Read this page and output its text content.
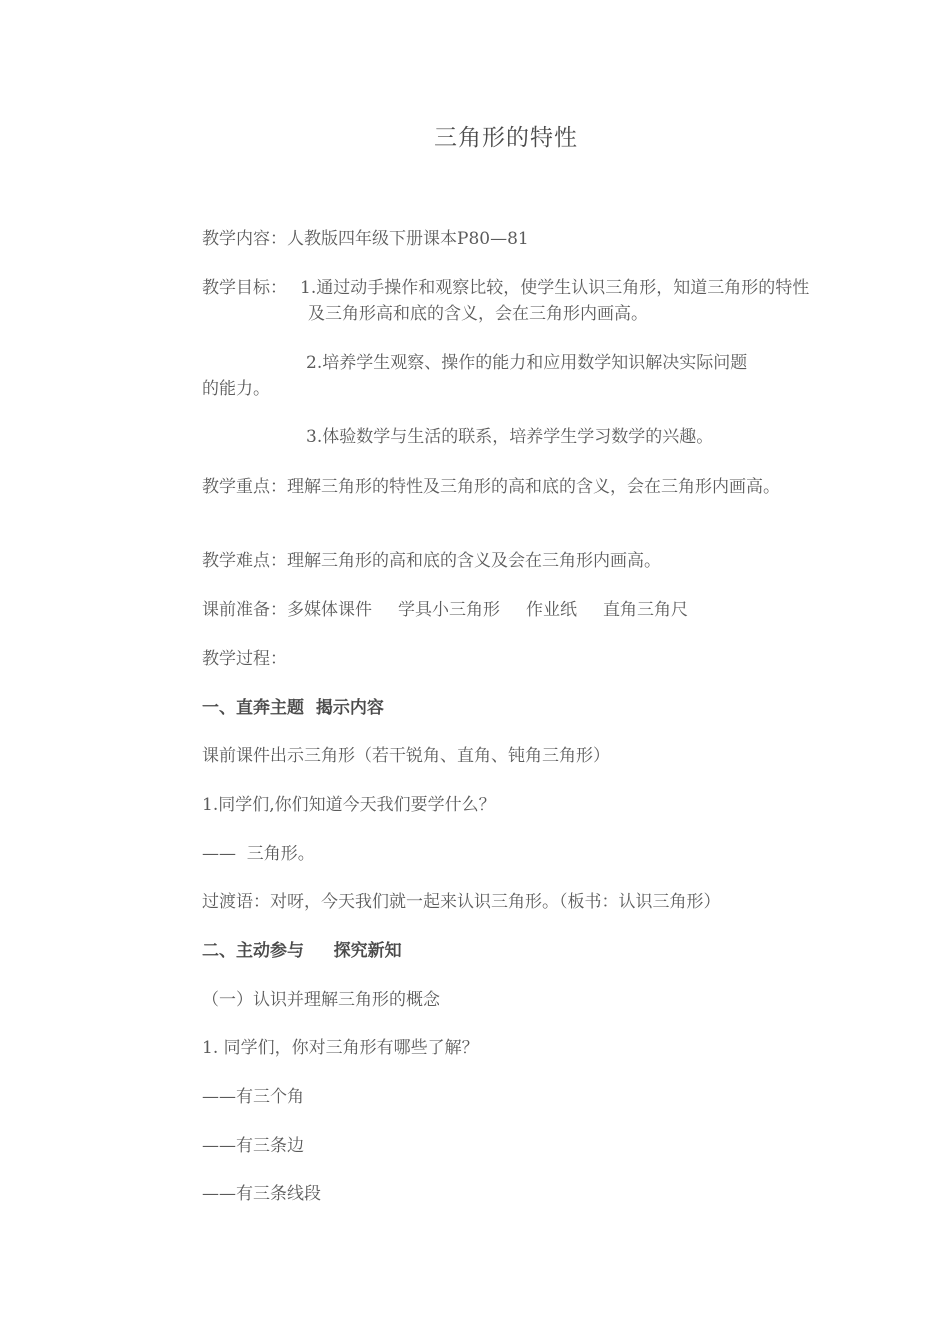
三角形的特性
教学内容：人教版四年级下册课本P80—81
教学目标： 1.通过动手操作和观察比较，使学生认识三角形，知道三角形的特性及三角形高和底的含义，会在三角形内画高。
2.培养学生观察、操作的能力和应用数学知识解决实际问题
的能力。
3.体验数学与生活的联系，培养学生学习数学的兴趣。
教学重点：理解三角形的特性及三角形的高和底的含义，会在三角形内画高。
教学难点：理解三角形的高和底的含义及会在三角形内画高。
课前准备：多媒体课件 学具小三角形 作业纸 直角三角尺
教学过程：
一、直奔主题  揭示内容
课前课件出示三角形（若干锐角、直角、钝角三角形）
1.同学们,你们知道今天我们要学什么？
——  三角形。
过渡语：对呀，今天我们就一起来认识三角形。（板书：认识三角形）
二、主动参与     探究新知
（一）认识并理解三角形的概念
1. 同学们，你对三角形有哪些了解？
——有三个角
——有三条边
——有三条线段
